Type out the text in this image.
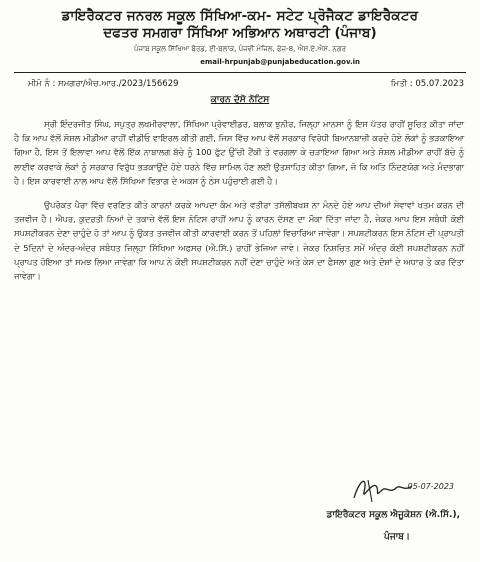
ਡਾਇਰੈਕਟਰ ਜਨਰਲ ਸਕੂਲ ਸਿੱਖਿਆ-ਕਮ- ਸਟੇਟ ਪ੍ਰੋਜੈਕਟ ਡਾਇਰੈਕਟਰ
ਦਫਤਰ ਸਮਗਰਾ ਸਿੱਖਿਆ ਅਭਿਆਨ ਅਥਾਰਟੀ (ਪੰਜਾਬ)
ਪੰਜਾਬ ਸਕੂਲ ਸਿੱਖਿਆ ਬੋਰਡ, ਈ-ਬਲਾਕ, ਪੰਜਵੀਂ ਮੰਜਿਲ, ਫੇਜ਼-8, ਐਸ.ਏ.ਐਸ. ਨਗਰ
email-hrpunjab@punjabeducation.gov.in
ਮੀਮੋ ਨੰ : ਸਮਗਰਾ/ਐਚ.ਆਰ./2023/156629	ਮਿਤੀ : 05.07.2023
ਕਾਰਨ ਦੱਸੋ ਨੋਟਿਸ

ਸ੍ਰੀ ਇੰਦਰਜੀਤ ਸਿੰਘ, ਸਪੁਤ੍ਰ ਲਖਮੀਰਵਾਲਾ, ਸਿੱਖਿਆ ਪ੍ਰੋਵਾਈਡਰ, ਬਲਾਕ ਝੁਨੀਰ, ਜਿਲ੍ਹਾ ਮਾਨਸਾ ਨੂੰ ਇਸ ਪੱਤਰ ਰਾਹੀਂ ਸੂਚਿਤ ਕੀਤਾ ਜਾਂਦਾ ਹੈ ਕਿ ਆਪ ਵੱਲੋਂ ਸੋਸ਼ਲ ਮੀਡੀਆ ਰਾਹੀਂ ਵੀਡੀਓ ਵਾਇਰਲ ਕੀਤੀ ਗਈ, ਜਿਸ ਵਿੱਚ ਆਪ ਵੱਲੋਂ ਸਰਕਾਰ ਵਿਰੋਧੀ ਬਿਆਨਬਾਜ਼ੀ ਕਰਦੇ ਹੋਏ ਲੋਕਾਂ ਨੂੰ ਭੜਕਾਇਆ ਗਿਆ ਹੈ, ਇਸ ਤੋਂ ਇਲਾਵਾ ਆਪ ਵੱਲੋਂ ਇੱਕ ਨਾਬਾਲਗ ਬੱਚੇ ਨੂੰ 100 ਫੁੱਟ ਉੱਚੀ ਟੈਂਕੀ ਤੇ ਵਰਗਲਾ ਕੇ ਚੜਾਇਆ ਗਿਆ ਅਤੇ ਸੋਸ਼ਲ ਮੀਡੀਆ ਰਾਹੀਂ ਬੱਚੇ ਨੂੰ ਲਾਈਵ ਕਰਵਾਕੇ ਲੋਕਾਂ ਨੂੰ ਸਰਕਾਰ ਵਿਰੁੱਧ ਭੜਕਾਉਂਦੇ ਹੋਏ ਧਰਨੇ ਵਿੱਚ ਸ਼ਾਮਿਲ ਹੋਣ ਲਈ ਉਤਸ਼ਾਹਿਤ ਕੀਤਾ ਗਿਆ, ਜੋ ਕਿ ਅਤਿ ਨਿੰਦਣਯੋਗ ਅਤੇ ਮੰਦਭਾਗਾ ਹੈ। ਇਸ ਕਾਰਵਾਈ ਨਾਲ ਆਪ ਵੱਲੋਂ ਸਿੱਖਿਆ ਵਿਭਾਗ ਦੇ ਅਕਸ ਨੂੰ ਠੇਸ ਪਹੁੰਚਾਈ ਗਈ ਹੈ।

ਉਪਰੋਕਤ ਪੈਰਾ ਵਿੱਚ ਵਰਣਿਤ ਕੀਤੇ ਕਾਰਨਾਂ ਕਰਕੇ ਆਪਦਾ ਕੰਮ ਅਤੇ ਵਤੀਰਾ ਤਸੱਲੀਬਖਸ਼ ਨਾ ਮੰਨਦੇ ਹੋਏ ਆਪ ਦੀਆਂ ਸੇਵਾਵਾਂ ਖਤਮ ਕਰਨ ਦੀ ਤਜ਼ਵੀਜ ਹੈ। ਐਪਰ, ਕੁਦਰਤੀ ਨਿਆਂ ਦੇ ਤਕਾਜ਼ੇ ਵੱਲੋਂ ਇਸ ਨੋਟਿਸ ਰਾਹੀਂ ਆਪ ਨੂੰ ਕਾਰਨ ਦੱਸਣ ਦਾ ਮੌਕਾ ਦਿੱਤਾ ਜਾਂਦਾ ਹੈ, ਜੇਕਰ ਆਪ ਇਸ ਸਬੰਧੀ ਕੋਈ ਸਪਸ਼ਟੀਕਰਨ ਦੇਣਾ ਚਾਹੁੰਦੇ ਹੋ ਤਾਂ ਆਪ ਨੂੰ ਉਕਤ ਤਜਵੀਜ ਕੀਤੀ ਕਾਰਵਾਈ ਕਰਨ ਤੋਂ ਪਹਿਲਾਂ ਵਿਚਾਰਿਆ ਜਾਵੇਗਾ। ਸਪਸ਼ਟੀਕਰਨ ਇਸ ਨੋਟਿਸ ਦੀ ਪ੍ਰਾਪਤੀ ਦੇ 5ਦਿਨਾਂ ਦੇ ਅੰਦਰ-ਅੰਦਰ ਸਬੰਧਤ ਜਿਲ੍ਹਾ ਸਿੱਖਿਆ ਅਫਸਰ (ਐ.ਸਿੱ.) ਰਾਹੀਂ ਭੇਜਿਆ ਜਾਵੇ। ਜੇਕਰ ਨਿਸ਼ਚਿਤ ਸਮੇਂ ਅੰਦਰ ਕੋਈ ਸਪਸ਼ਟੀਕਰਨ ਨਹੀਂ ਪ੍ਰਾਪਤ ਹੋਇਆ ਤਾਂ ਸਮਝ ਲਿਆ ਜਾਵੇਗਾ ਕਿ ਆਪ ਨੇ ਕੋਈ ਸਪਸ਼ਟੀਕਰਨ ਨਹੀਂ ਦੇਣਾ ਚਾਹੁੰਦੇ ਅਤੇ ਕੇਸ ਦਾ ਫੈਸਲਾ ਗੁਣ ਅਤੇ ਦੋਸ਼ਾਂ ਦੇ ਅਧਾਰ ਤੇ ਕਰ ਦਿੱਤਾ ਜਾਵੇਗਾ।

05-07-2023
ਡਾਇਰੈਕਟਰ ਸਕੂਲ ਐਜੂਕੇਸ਼ਨ (ਐ.ਸਿੱ.),
ਪੰਜਾਬ।
